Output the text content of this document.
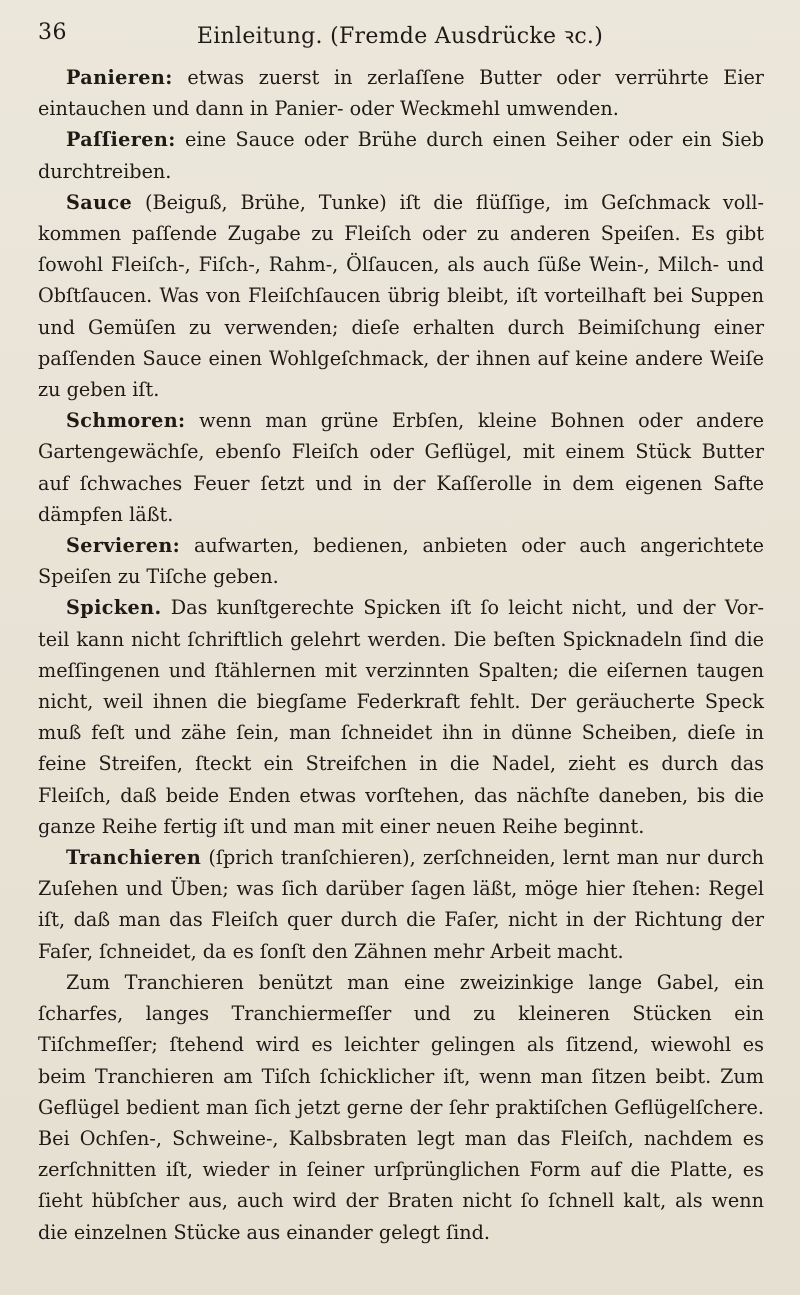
36	Einleitung. (Fremde Ausdrücke ꝛc.)

Panieren: etwas zuerst in zerlaſſene Butter oder verrührte Eier eintauchen und dann in Panier- oder Weckmehl umwenden.

Paſſieren: eine Sauce oder Brühe durch einen Seiher oder ein Sieb durchtreiben.

Sauce (Beiguß, Brühe, Tunke) iſt die flüſſige, im Geſchmack voll- kommen paſſende Zugabe zu Fleiſch oder zu anderen Speiſen. Es gibt ſowohl Fleiſch-, Fiſch-, Rahm-, Ölſaucen, als auch ſüße Wein-, Milch- und Obſtſaucen. Was von Fleiſchſaucen übrig bleibt, iſt vorteilhaft bei Suppen und Gemüſen zu verwenden; dieſe erhalten durch Beimiſchung einer paſſenden Sauce einen Wohlgeſchmack, der ihnen auf keine andere Weiſe zu geben iſt.

Schmoren: wenn man grüne Erbſen, kleine Bohnen oder andere Gartengewächſe, ebenſo Fleiſch oder Geflügel, mit einem Stück Butter auf ſchwaches Feuer ſetzt und in der Kaſſerolle in dem eigenen Safte dämpfen läßt.

Servieren: aufwarten, bedienen, anbieten oder auch angerichtete Speiſen zu Tiſche geben.

Spicken. Das kunſtgerechte Spicken iſt ſo leicht nicht, und der Vor- teil kann nicht ſchriftlich gelehrt werden. Die beſten Spicknadeln ſind die meſſingenen und ſtählernen mit verzinnten Spalten; die eiſernen taugen nicht, weil ihnen die biegſame Federkraft fehlt. Der geräucherte Speck muß feſt und zähe ſein, man ſchneidet ihn in dünne Scheiben, dieſe in feine Streifen, ſteckt ein Streifchen in die Nadel, zieht es durch das Fleiſch, daß beide Enden etwas vorſtehen, das nächſte daneben, bis die ganze Reihe fertig iſt und man mit einer neuen Reihe beginnt.

Tranchieren (ſprich tranſchieren), zerſchneiden, lernt man nur durch Zuſehen und Üben; was ſich darüber ſagen läßt, möge hier ſtehen: Regel iſt, daß man das Fleiſch quer durch die Faſer, nicht in der Richtung der Faſer, ſchneidet, da es ſonſt den Zähnen mehr Arbeit macht.

Zum Tranchieren benützt man eine zweizinkige lange Gabel, ein ſcharfes, langes Tranchiermeſſer und zu kleineren Stücken ein Tiſchmeſſer; ſtehend wird es leichter gelingen als ſitzend, wiewohl es beim Tranchieren am Tiſch ſchicklicher iſt, wenn man ſitzen beibt. Zum Geflügel bedient man ſich jetzt gerne der ſehr praktiſchen Geflügelſchere. Bei Ochſen-, Schweine-, Kalbsbraten legt man das Fleiſch, nachdem es zerſchnitten iſt, wieder in ſeiner urſprünglichen Form auf die Platte, es ſieht hübſcher aus, auch wird der Braten nicht ſo ſchnell kalt, als wenn die einzelnen Stücke aus einander gelegt ſind.
